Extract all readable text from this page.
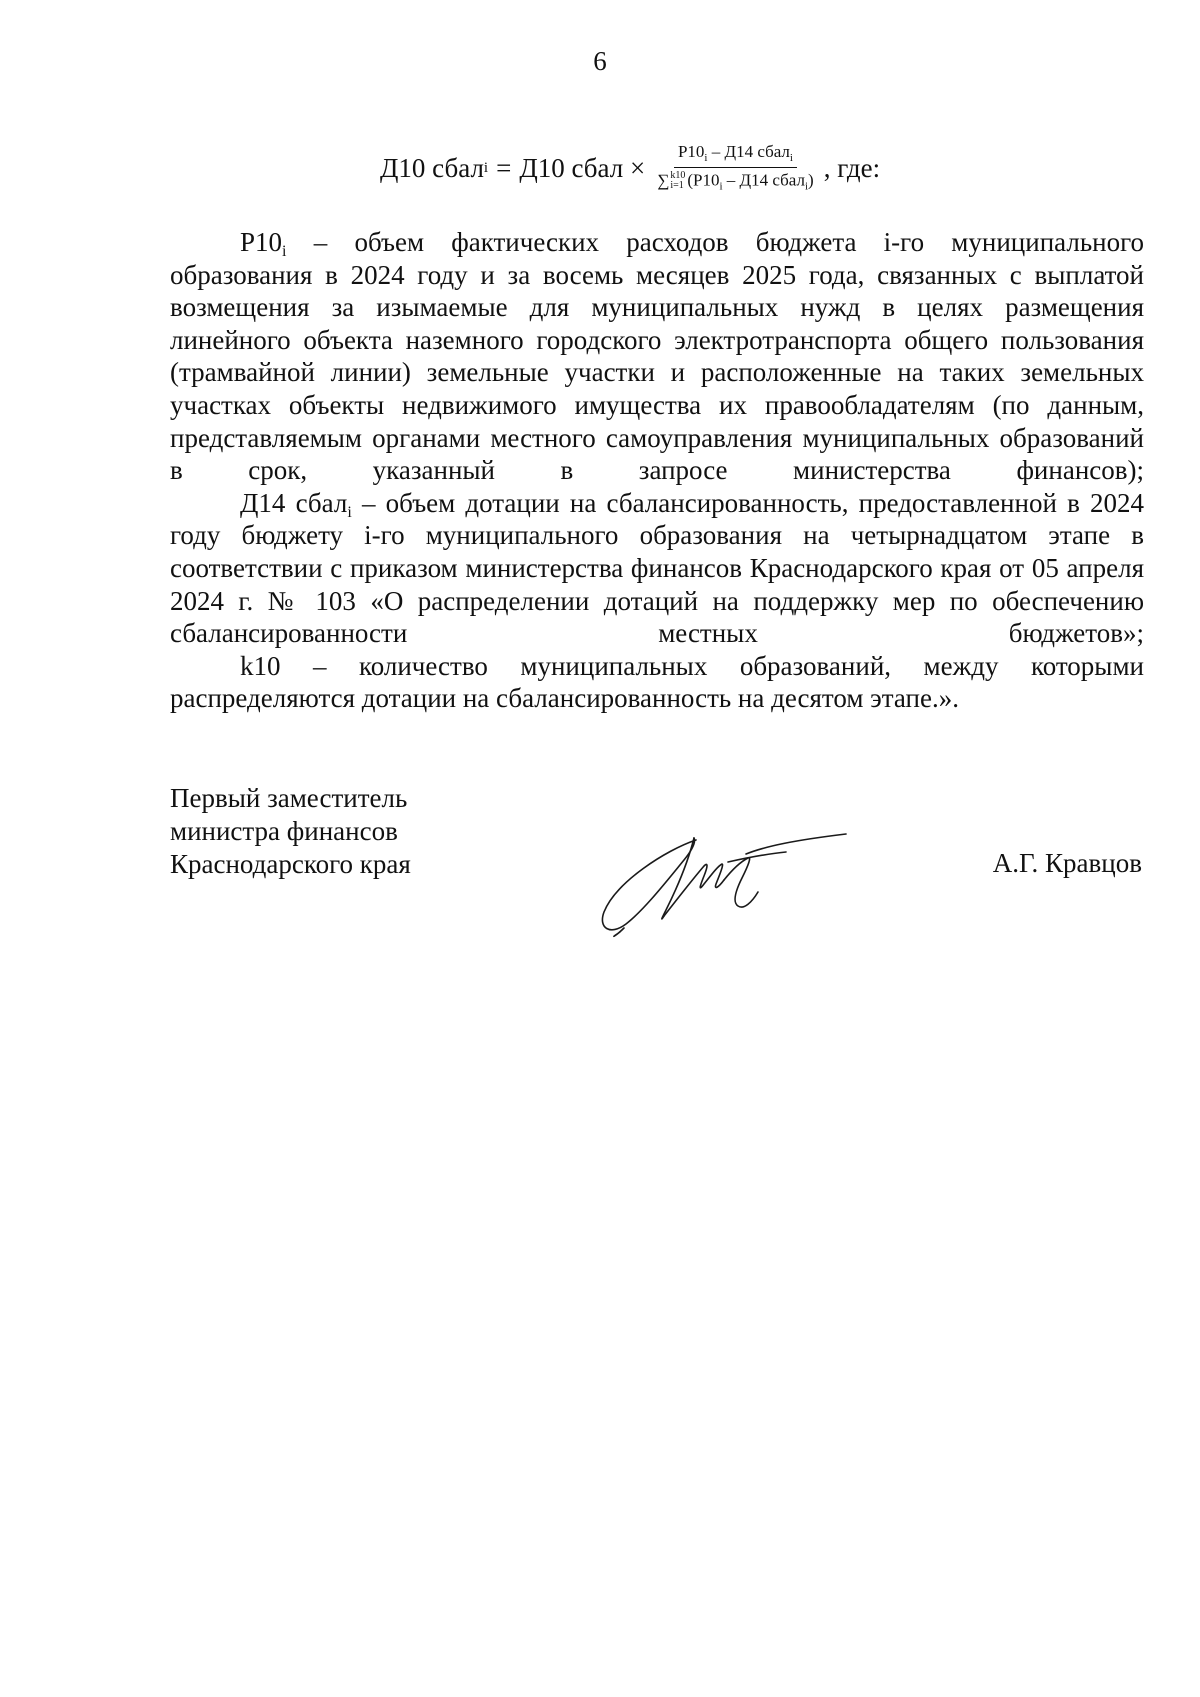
6
Д10 сбал i = Д10 сбал × $Р10_i - Д14$ сбал$_i$
∑ k10
i=1 ($Р10_i - Д14$ сбал$_i$) , где:

$Р10_i$ – объем фактических расходов бюджета i-го муниципального образования в 2024 году и за восемь месяцев 2025 года, связанных с выплатой возмещения за изымаемые для муниципальных нужд в целях размещения линейного объекта наземного городского электротранспорта общего пользования (трамвайной линии) земельные участки и расположенные на таких земельных участках объекты недвижимого имущества их правообладателям (по данным, представляемым органами местного самоуправления муниципальных образований в срок, указанный в запросе министерства финансов);

Д14 сбал$_i$ – объем дотации на сбалансированность, предоставленной в 2024 году бюджету i-го муниципального образования на четырнадцатом этапе в соответствии с приказом министерства финансов Краснодарского края от 05 апреля 2024 г. № 103 «О распределении дотаций на поддержку мер по обеспечению сбалансированности местных бюджетов»;

k10 – количество муниципальных образований, между которыми распределяются дотации на сбалансированность на десятом этапе.».

Первый заместитель
министра финансов
Краснодарского края	А.Г. Кравцов
